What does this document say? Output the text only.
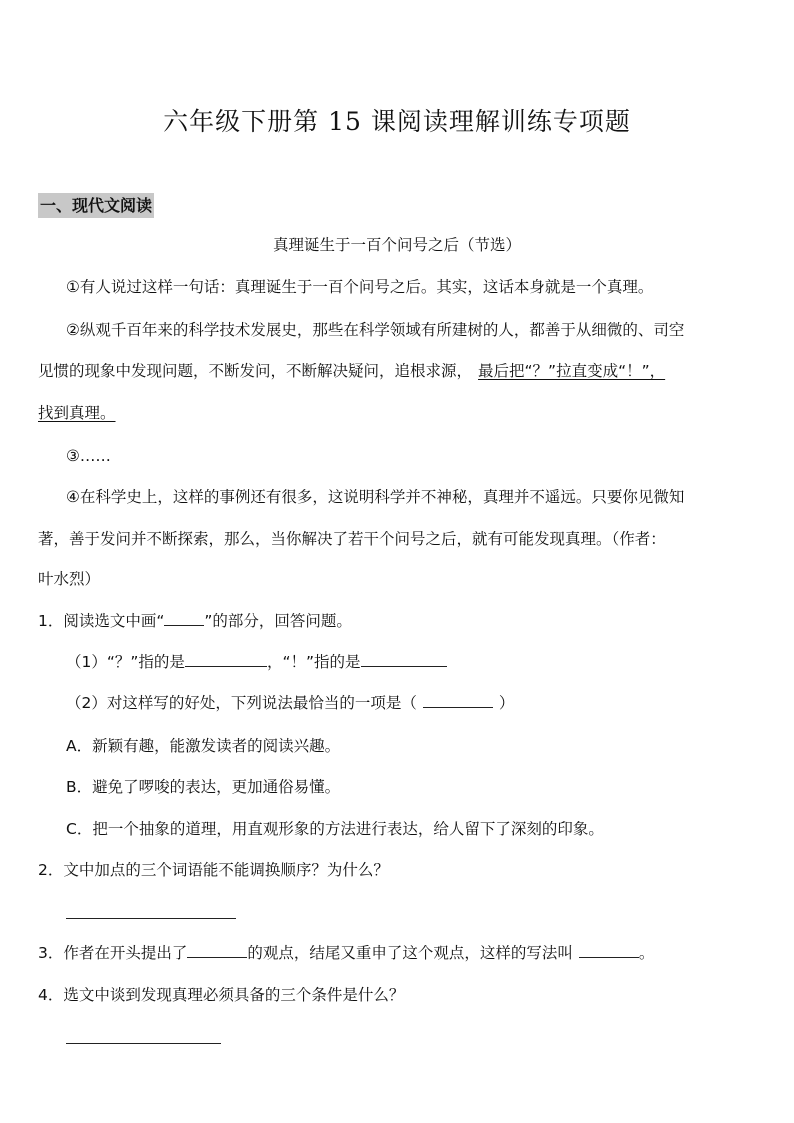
六年级下册第 15 课阅读理解训练专项题
一、现代文阅读
真理诞生于一百个问号之后（节选）
①有人说过这样一句话：真理诞生于一百个问号之后。其实，这话本身就是一个真理。
②纵观千百年来的科学技术发展史，那些在科学领域有所建树的人，都善于从细微的、司空
见惯的现象中发现问题，不断发问，不断解决疑问，追根求源， 最后把“？”拉直变成“！”，
找到真理。
③……
④在科学史上，这样的事例还有很多，这说明科学并不神秘，真理并不遥远。只要你见微知
著，善于发问并不断探索，那么，当你解决了若干个问号之后，就有可能发现真理。（作者：
叶水烈）
1．阅读选文中画“	”的部分，回答问题。
（1）“？”指的是	，“！”指的是
（2）对这样写的好处，下列说法最恰当的一项是（	）
A．新颖有趣，能激发读者的阅读兴趣。
B．避免了啰唆的表达，更加通俗易懂。
C．把一个抽象的道理，用直观形象的方法进行表达，给人留下了深刻的印象。
2．文中加点的三个词语能不能调换顺序？为什么？
3．作者在开头提出了	的观点，结尾又重申了这个观点，这样的写法叫	。
4．选文中谈到发现真理必须具备的三个条件是什么？
